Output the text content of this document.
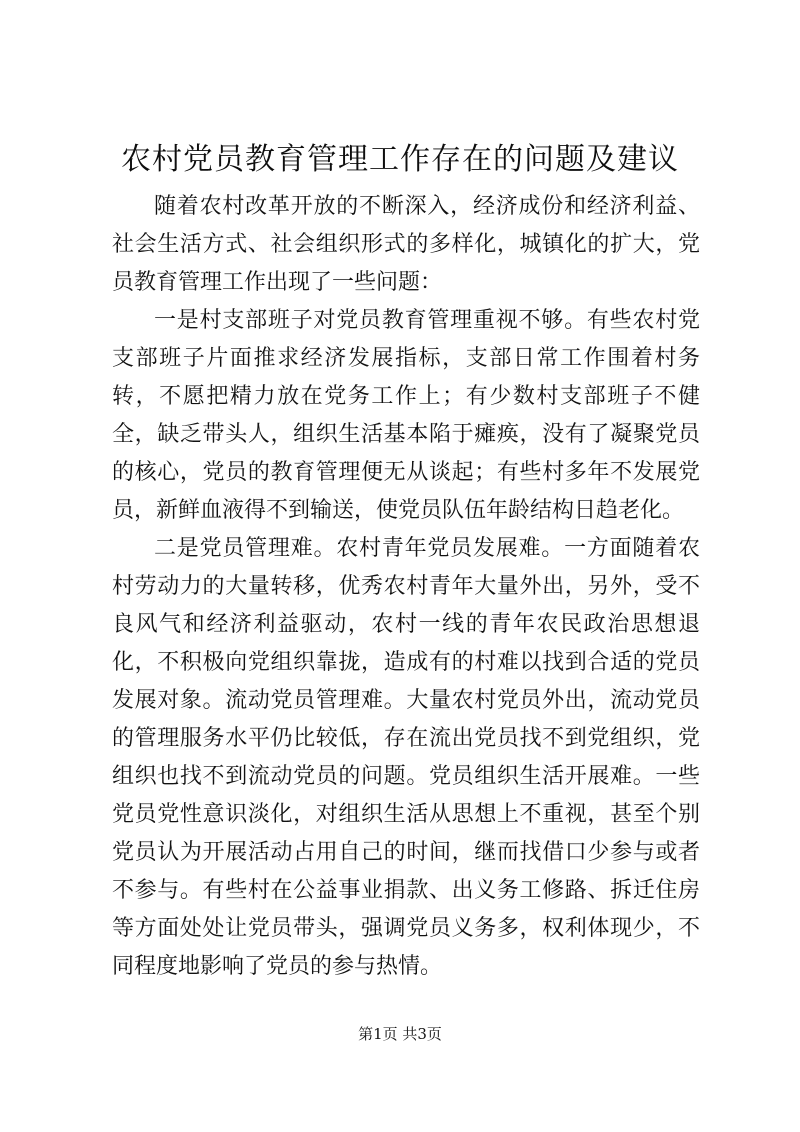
农村党员教育管理工作存在的问题及建议

随着农村改革开放的不断深入，经济成份和经济利益、社会生活方式、社会组织形式的多样化，城镇化的扩大，党员教育管理工作出现了一些问题：

一是村支部班子对党员教育管理重视不够。有些农村党支部班子片面推求经济发展指标，支部日常工作围着村务转，不愿把精力放在党务工作上；有少数村支部班子不健全，缺乏带头人，组织生活基本陷于瘫痪，没有了凝聚党员的核心，党员的教育管理便无从谈起；有些村多年不发展党员，新鲜血液得不到输送，使党员队伍年龄结构日趋老化。

二是党员管理难。农村青年党员发展难。一方面随着农村劳动力的大量转移，优秀农村青年大量外出，另外，受不良风气和经济利益驱动，农村一线的青年农民政治思想退化，不积极向党组织靠拢，造成有的村难以找到合适的党员发展对象。流动党员管理难。大量农村党员外出，流动党员的管理服务水平仍比较低，存在流出党员找不到党组织，党组织也找不到流动党员的问题。党员组织生活开展难。一些党员党性意识淡化，对组织生活从思想上不重视，甚至个别党员认为开展活动占用自己的时间，继而找借口少参与或者不参与。有些村在公益事业捐款、出义务工修路、拆迁住房等方面处处让党员带头，强调党员义务多，权利体现少，不同程度地影响了党员的参与热情。

第1页 共3页
